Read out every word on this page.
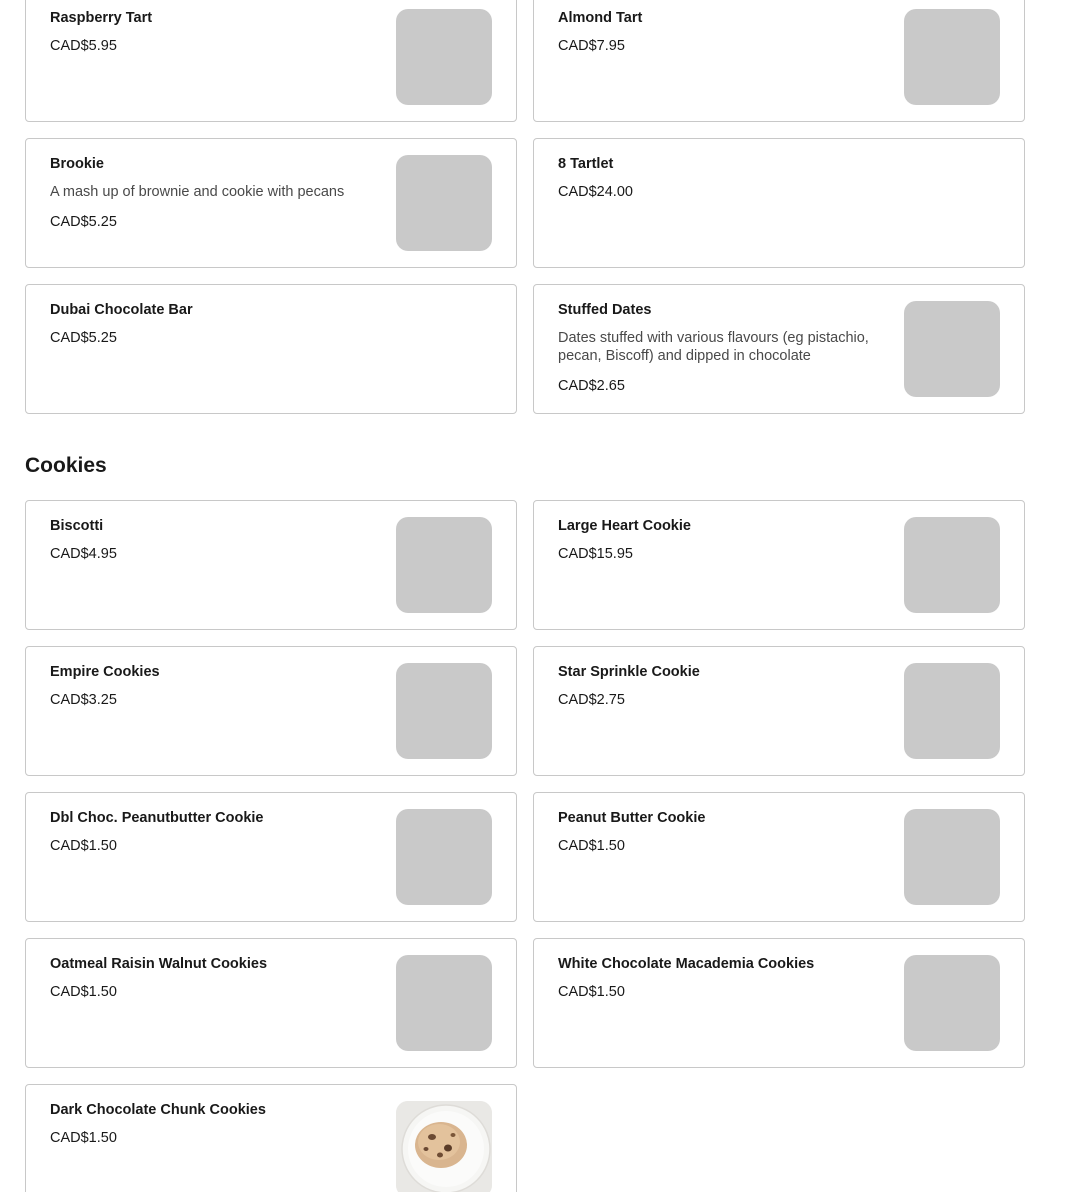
Raspberry Tart
CAD$5.95
Almond Tart
CAD$7.95
Brookie
A mash up of brownie and cookie with pecans
CAD$5.25
8 Tartlet
CAD$24.00
Dubai Chocolate Bar
CAD$5.25
Stuffed Dates
Dates stuffed with various flavours (eg pistachio, pecan, Biscoff) and dipped in chocolate
CAD$2.65
Cookies
Biscotti
CAD$4.95
Large Heart Cookie
CAD$15.95
Empire Cookies
CAD$3.25
Star Sprinkle Cookie
CAD$2.75
Dbl Choc. Peanutbutter Cookie
CAD$1.50
Peanut Butter Cookie
CAD$1.50
Oatmeal Raisin Walnut Cookies
CAD$1.50
White Chocolate Macademia Cookies
CAD$1.50
Dark Chocolate Chunk Cookies
CAD$1.50
